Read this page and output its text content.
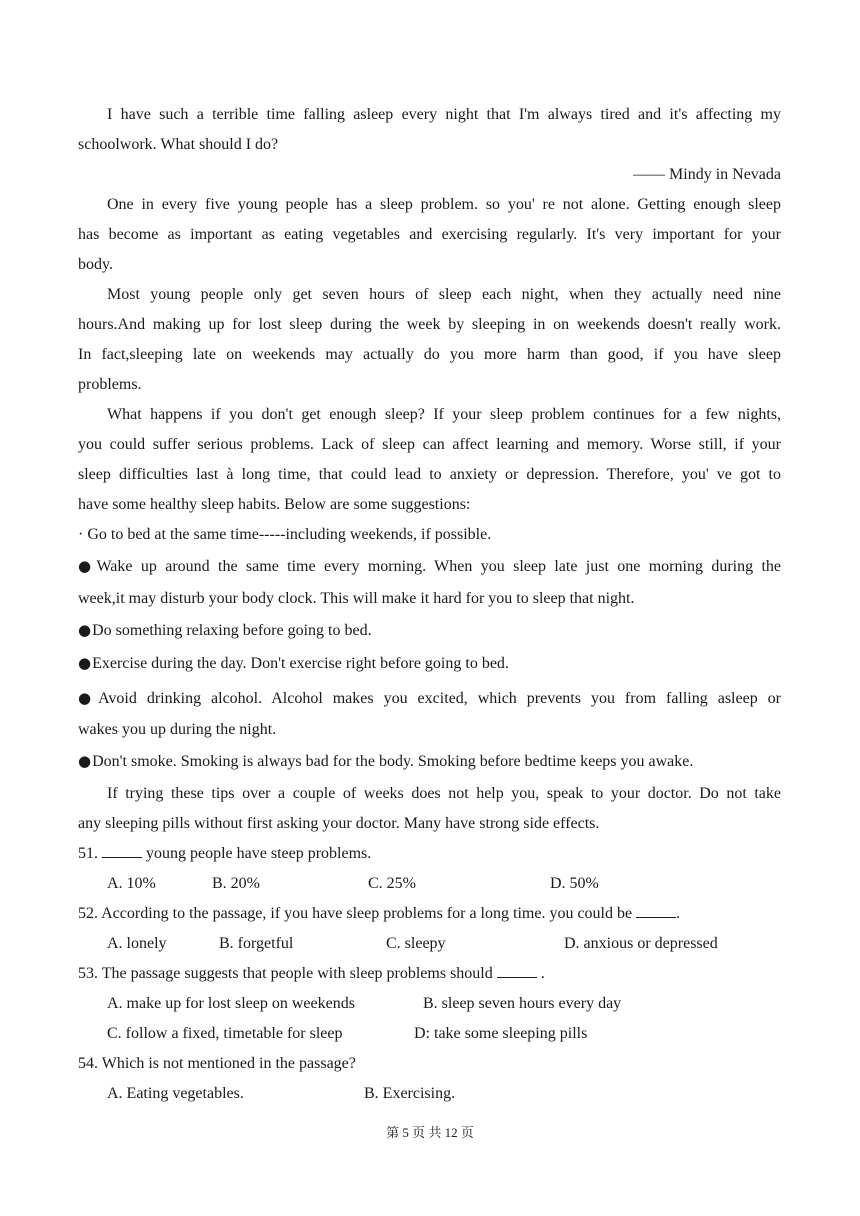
I have such a terrible time falling asleep every night that I'm always tired and it's affecting my
schoolwork. What should I do?
—— Mindy in Nevada
One in every five young people has a sleep problem. so you' re not alone. Getting enough sleep
has become as important as eating vegetables and exercising regularly. It's very important for your
body.
Most young people only get seven hours of sleep each night, when they actually need nine
hours.And making up for lost sleep during the week by sleeping in on weekends doesn't really work.
In fact,sleeping late on weekends may actually do you more harm than good, if you have sleep
problems.
What happens if you don't get enough sleep? If your sleep problem continues for a few nights,
you could suffer serious problems. Lack of sleep can affect learning and memory. Worse still, if your
sleep difficulties last à long time, that could lead to anxiety or depression. Therefore, you' ve got to
have some healthy sleep habits. Below are some suggestions:
· Go to bed at the same time-----including weekends, if possible.
●Wake up around the same time every morning. When you sleep late just one morning during the
week,it may disturb your body clock. This will make it hard for you to sleep that night.
●Do something relaxing before going to bed.
●Exercise during the day. Don't exercise right before going to bed.
●Avoid drinking alcohol. Alcohol makes you excited, which prevents you from falling asleep or
wakes you up during the night.
●Don't smoke. Smoking is always bad for the body. Smoking before bedtime keeps you awake.
If trying these tips over a couple of weeks does not help you, speak to your doctor. Do not take
any sleeping pills without first asking your doctor. Many have strong side effects.
51.	young people have steep problems.
A. 10%	B. 20%	C. 25%	D. 50%
52. According to the passage, if you have sleep problems for a long time. you could be	.
A. lonely	B. forgetful	C. sleepy	D. anxious or depressed
53. The passage suggests that people with sleep problems should	.
A. make up for lost sleep on weekends	B. sleep seven hours every day
C. follow a fixed, timetable for sleep	D: take some sleeping pills
54. Which is not mentioned in the passage?
A. Eating vegetables.	B. Exercising.
第 5 页 共 12 页
